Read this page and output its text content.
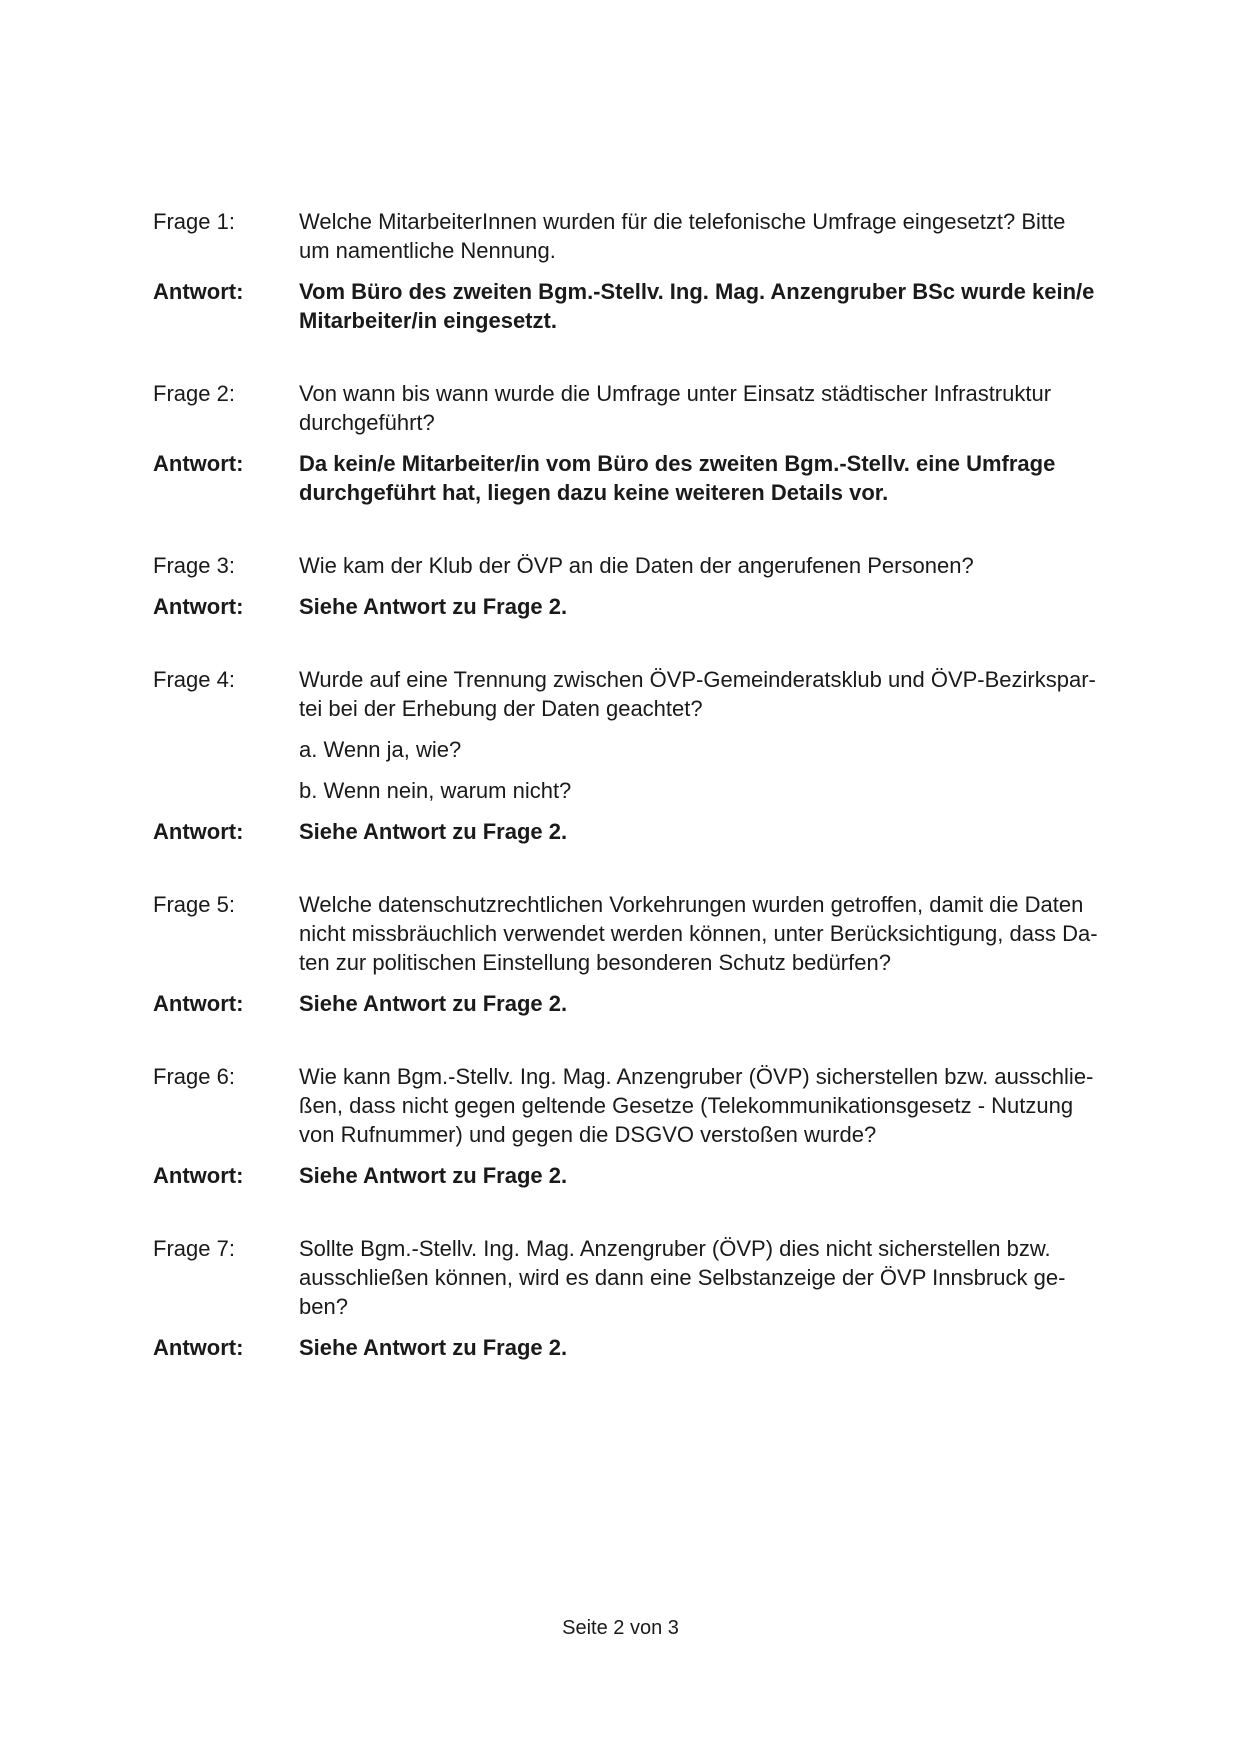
Frage 1:	Welche MitarbeiterInnen wurden für die telefonische Umfrage eingesetzt? Bitte
um namentliche Nennung.
Antwort:	Vom Büro des zweiten Bgm.-Stellv. Ing. Mag. Anzengruber BSc wurde kein/e
Mitarbeiter/in eingesetzt.
Frage 2:	Von wann bis wann wurde die Umfrage unter Einsatz städtischer Infrastruktur
durchgeführt?
Antwort:	Da kein/e Mitarbeiter/in vom Büro des zweiten Bgm.-Stellv. eine Umfrage
durchgeführt hat, liegen dazu keine weiteren Details vor.
Frage 3:	Wie kam der Klub der ÖVP an die Daten der angerufenen Personen?
Antwort:	Siehe Antwort zu Frage 2.
Frage 4:	Wurde auf eine Trennung zwischen ÖVP-Gemeinderatsklub und ÖVP-Bezirkspar-
tei bei der Erhebung der Daten geachtet?
a. Wenn ja, wie?
b. Wenn nein, warum nicht?
Antwort:	Siehe Antwort zu Frage 2.
Frage 5:	Welche datenschutzrechtlichen Vorkehrungen wurden getroffen, damit die Daten
nicht missbräuchlich verwendet werden können, unter Berücksichtigung, dass Da-
ten zur politischen Einstellung besonderen Schutz bedürfen?
Antwort:	Siehe Antwort zu Frage 2.
Frage 6:	Wie kann Bgm.-Stellv. Ing. Mag. Anzengruber (ÖVP) sicherstellen bzw. ausschlie-
ßen, dass nicht gegen geltende Gesetze (Telekommunikationsgesetz - Nutzung
von Rufnummer) und gegen die DSGVO verstoßen wurde?
Antwort:	Siehe Antwort zu Frage 2.
Frage 7:	Sollte Bgm.-Stellv. Ing. Mag. Anzengruber (ÖVP) dies nicht sicherstellen bzw.
ausschließen können, wird es dann eine Selbstanzeige der ÖVP Innsbruck ge-
ben?
Antwort:	Siehe Antwort zu Frage 2.
Seite 2 von 3
